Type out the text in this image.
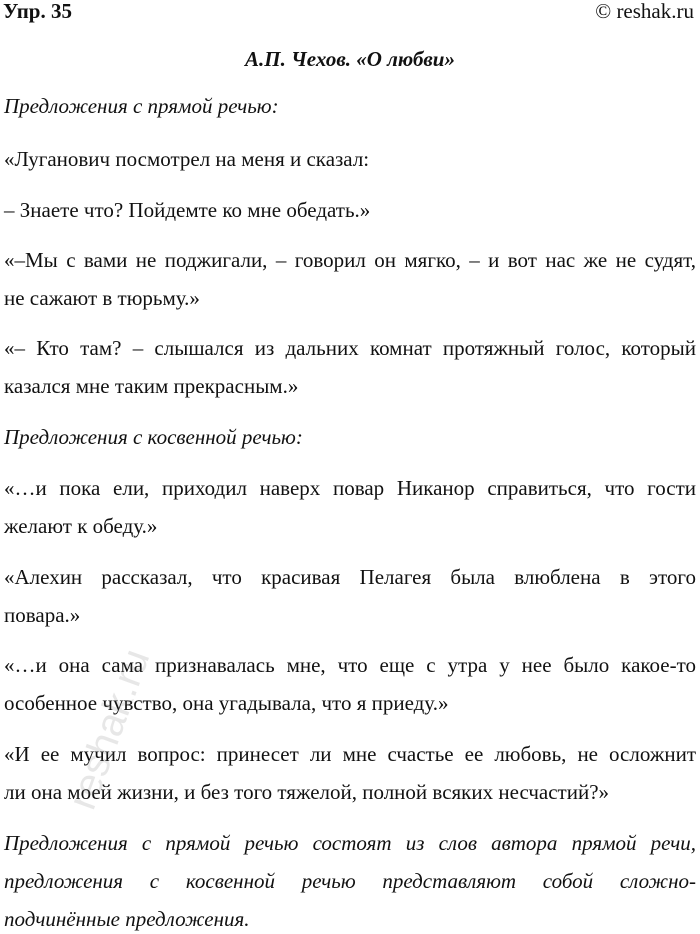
Упр. 35	© reshak.ru
А.П. Чехов. «О любви»
Предложения с прямой речью:
«Луганович посмотрел на меня и сказал:
– Знаете что? Пойдемте ко мне обедать.»
«–Мы с вами не поджигали, – говорил он мягко, – и вот нас же не судят,
не сажают в тюрьму.»
«– Кто там? – слышался из дальних комнат протяжный голос, который
казался мне таким прекрасным.»
Предложения с косвенной речью:
«…и пока ели, приходил наверх повар Никанор справиться, что гости
желают к обеду.»
«Алехин рассказал, что красивая Пелагея была влюблена в этого
повара.»
«…и она сама признавалась мне, что еще с утра у нее было какое-то
особенное чувство, она угадывала, что я приеду.»
«И ее мучил вопрос: принесет ли мне счастье ее любовь, не осложнит
ли она моей жизни, и без того тяжелой, полной всяких несчастий?»
Предложения с прямой речью состоят из слов автора прямой речи,
предложения с косвенной речью представляют собой сложно-
подчинённые предложения.
reshak.ru
